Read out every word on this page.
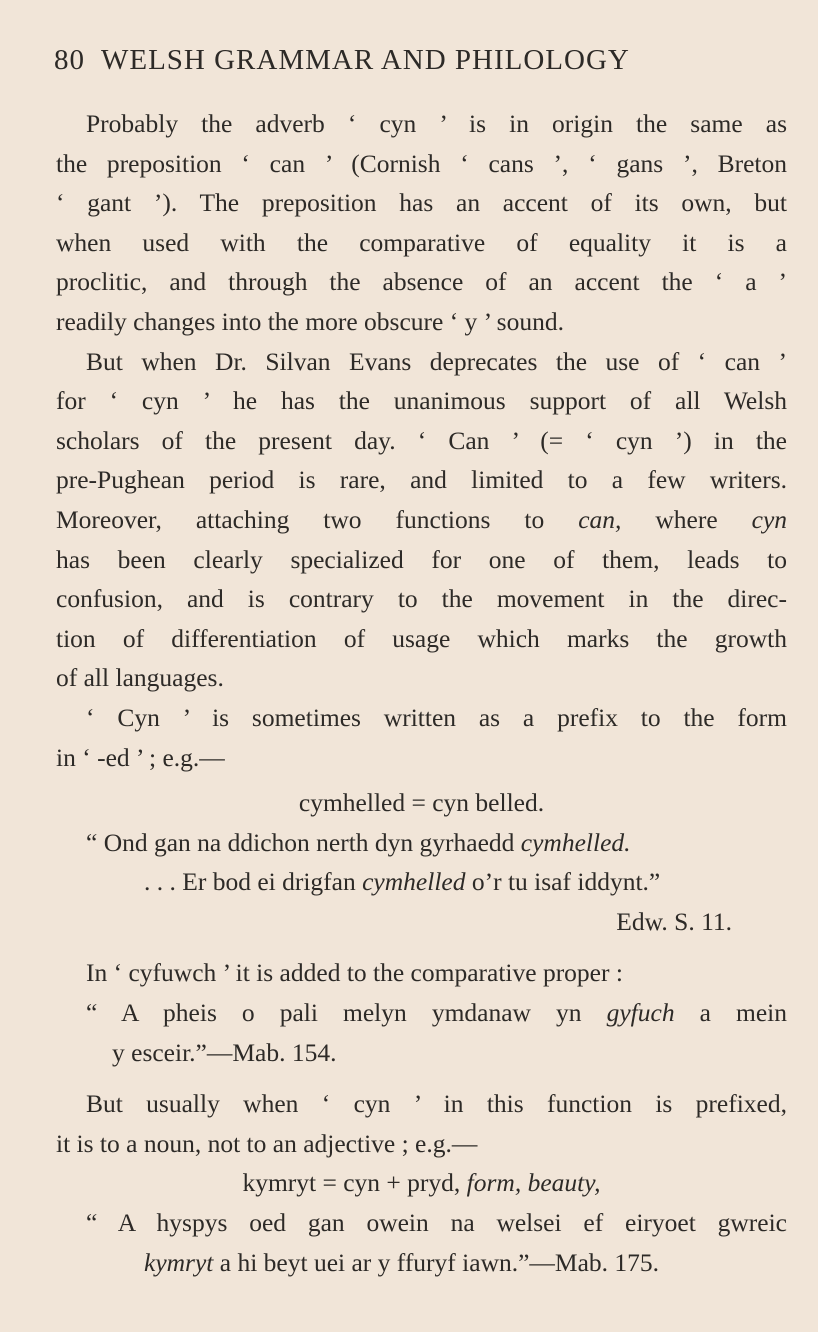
80 WELSH GRAMMAR AND PHILOLOGY
Probably the adverb ‘ cyn ’ is in origin the same as
the preposition ‘ can ’ (Cornish ‘ cans ’, ‘ gans ’, Breton
‘ gant ’). The preposition has an accent of its own, but
when used with the comparative of equality it is a
proclitic, and through the absence of an accent the ‘ a ’
readily changes into the more obscure ‘ y ’ sound.
But when Dr. Silvan Evans deprecates the use of ‘ can ’
for ‘ cyn ’ he has the unanimous support of all Welsh
scholars of the present day. ‘ Can ’ (= ‘ cyn ’) in the
pre-Pughean period is rare, and limited to a few writers.
Moreover, attaching two functions to can, where cyn
has been clearly specialized for one of them, leads to
confusion, and is contrary to the movement in the direc-
tion of differentiation of usage which marks the growth
of all languages.
‘ Cyn ’ is sometimes written as a prefix to the form
in ‘ -ed ’ ; e.g.—
cymhelled = cyn belled.
“ Ond gan na ddichon nerth dyn gyrhaedd cymhelled.
. . . Er bod ei drigfan cymhelled o’r tu isaf iddynt.”
Edw. S. 11.
In ‘ cyfuwch ’ it is added to the comparative proper :
“ A pheis o pali melyn ymdanaw yn gyfuch a mein
y esceir.”—Mab. 154.
But usually when ‘ cyn ’ in this function is prefixed,
it is to a noun, not to an adjective ; e.g.—
kymryt = cyn + pryd, form, beauty,
“ A hyspys oed gan owein na welsei ef eiryoet gwreic
kymryt a hi beyt uei ar y ffuryf iawn.”—Mab. 175.
